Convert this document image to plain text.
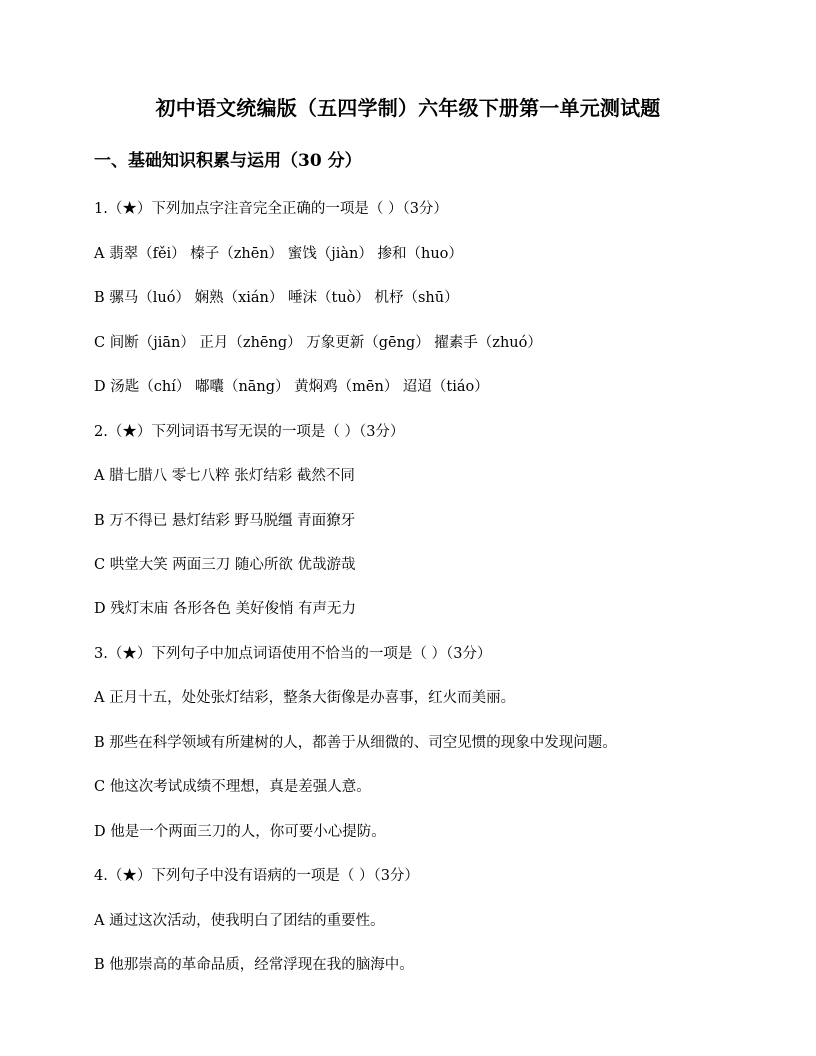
初中语文统编版（五四学制）六年级下册第一单元测试题
一、基础知识积累与运用（30 分）
1.（★）下列加点字注音完全正确的一项是（ ）（3分）
A 翡翠（fěi） 榛子（zhēn） 蜜饯（jiàn） 掺和（huo）
B 骡马（luó） 娴熟（xián） 唾沫（tuò） 机杼（shū）
C 间断（jiān） 正月（zhēng） 万象更新（gēng） 擢素手（zhuó）
D 汤匙（chí） 嘟囔（nāng） 黄焖鸡（mēn） 迢迢（tiáo）
2.（★）下列词语书写无误的一项是（ ）（3分）
A 腊七腊八 零七八粹 张灯结彩 截然不同
B 万不得已 悬灯结彩 野马脱缰 青面獠牙
C 哄堂大笑 两面三刀 随心所欲 优哉游哉
D 残灯末庙 各形各色 美好俊悄 有声无力
3.（★）下列句子中加点词语使用不恰当的一项是（ ）（3分）
A 正月十五，处处张灯结彩，整条大街像是办喜事，红火而美丽。
B 那些在科学领域有所建树的人，都善于从细微的、司空见惯的现象中发现问题。
C 他这次考试成绩不理想，真是差强人意。
D 他是一个两面三刀的人，你可要小心提防。
4.（★）下列句子中没有语病的一项是（ ）（3分）
A 通过这次活动，使我明白了团结的重要性。
B 他那崇高的革命品质，经常浮现在我的脑海中。
